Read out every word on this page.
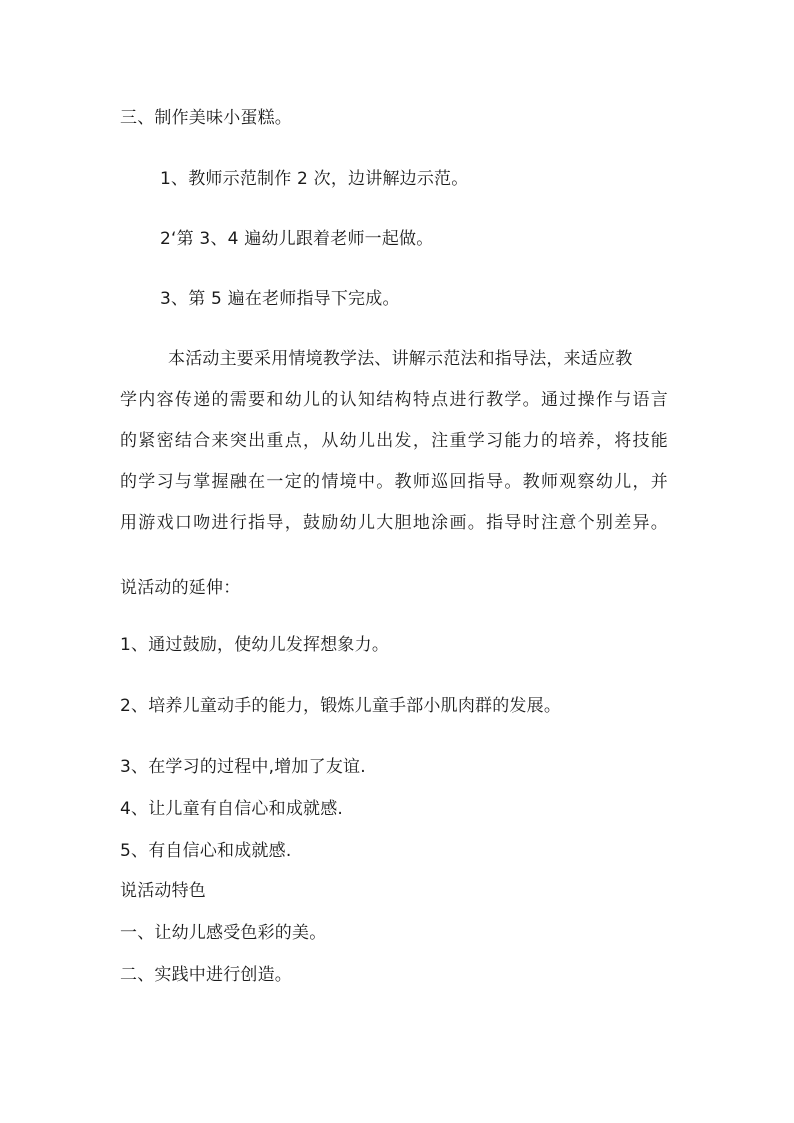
三、制作美味小蛋糕。
1、教师示范制作 2 次，边讲解边示范。
2‘第 3、4 遍幼儿跟着老师一起做。
3、第 5 遍在老师指导下完成。
本活动主要采用情境教学法、讲解示范法和指导法，来适应教
学内容传递的需要和幼儿的认知结构特点进行教学。通过操作与语言
的紧密结合来突出重点，从幼儿出发，注重学习能力的培养，将技能
的学习与掌握融在一定的情境中。教师巡回指导。教师观察幼儿，并
用游戏口吻进行指导，鼓励幼儿大胆地涂画。指导时注意个别差异。
说活动的延伸：
1、通过鼓励，使幼儿发挥想象力。
2、培养儿童动手的能力，锻炼儿童手部小肌肉群的发展。
3、在学习的过程中,增加了友谊.
4、让儿童有自信心和成就感.
5、有自信心和成就感.
说活动特色
一、让幼儿感受色彩的美。
二、实践中进行创造。
